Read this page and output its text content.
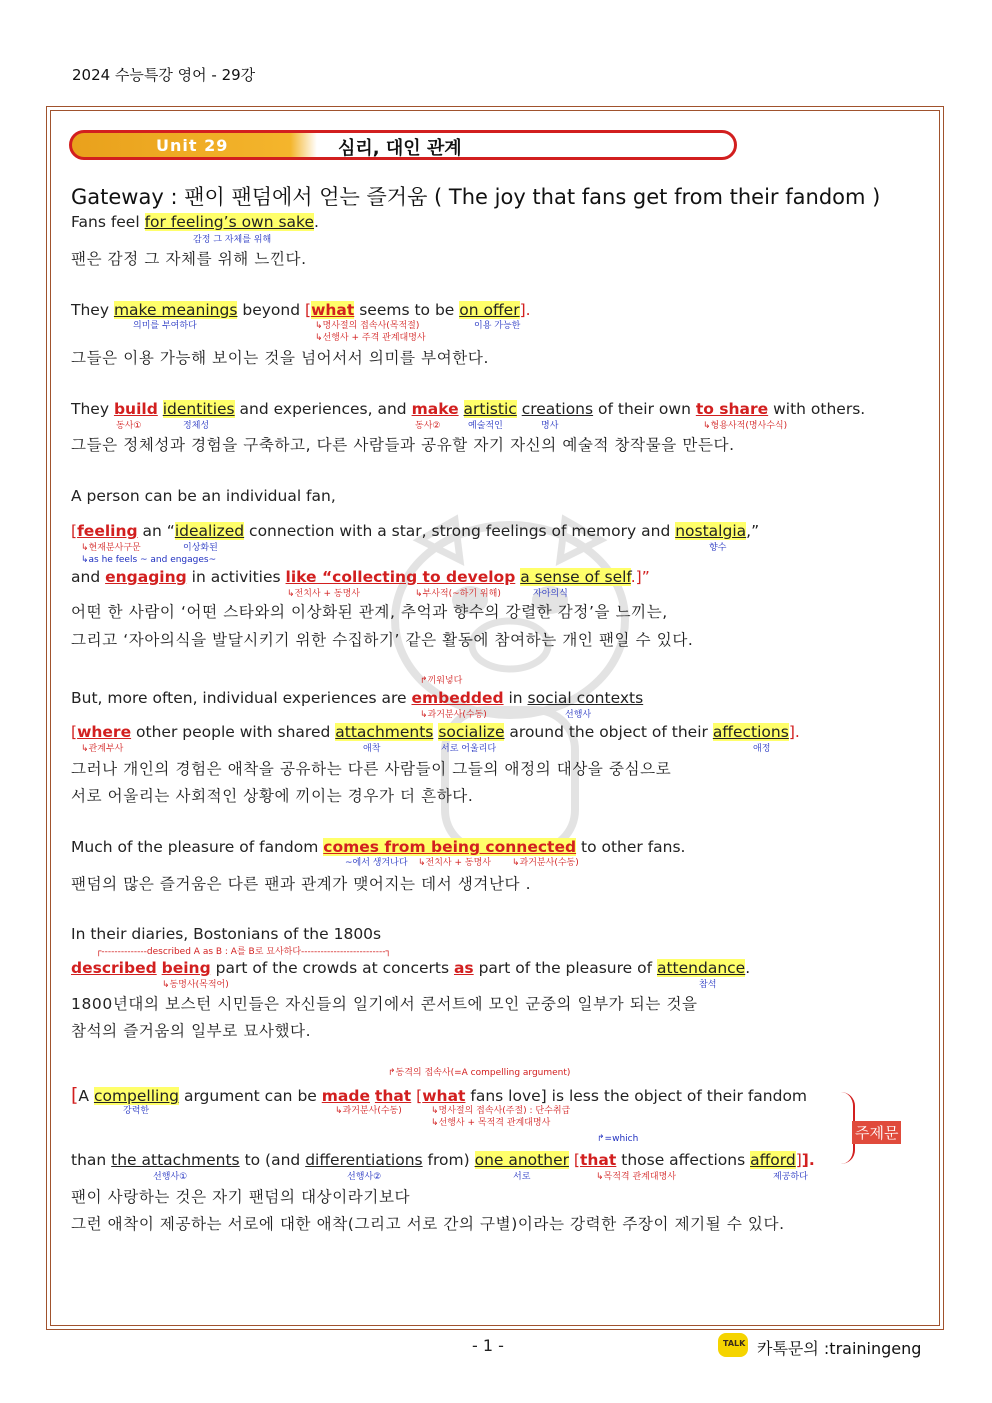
2024 수능특강 영어 - 29강
Unit 29	심리, 대인 관계
Gateway : 팬이 팬덤에서 얻는 즐거움 ( The joy that fans get from their fandom )
Fans feel for feeling’s own sake.
감정 그 자체를 위해
팬은 감정 그 자체를 위해 느낀다.
They make meanings beyond [what seems to be on offer].
의미를 부여하다	↳명사절의 접속사(목적절)	이용 가능한
↳선행사 + 주격 관계대명사
그들은 이용 가능해 보이는 것을 넘어서서 의미를 부여한다.
They build identities and experiences, and make artistic creations of their own to share with others.
동사①	정체성	동사②	예술적인	명사	↳형용사적(명사수식)
그들은 정체성과 경험을 구축하고, 다른 사람들과 공유할 자기 자신의 예술적 창작물을 만든다.
A person can be an individual fan,
[feeling an “idealized connection with a star, strong feelings of memory and nostalgia,”
↳현재분사구문	이상화된	향수
↳as he feels ~ and engages~
and engaging in activities like “collecting to develop a sense of self.]”
↳전치사 + 동명사	↳부사적(~하기 위해)	자아의식
어떤 한 사람이 ‘어떤 스타와의 이상화된 관계, 추억과 향수의 강렬한 감정’을 느끼는,
그리고 ‘자아의식을 발달시키기 위한 수집하기’ 같은 활동에 참여하는 개인 팬일 수 있다.
↱끼워넣다
But, more often, individual experiences are embedded in social contexts
↳과거분사(수동)	선행사
[where other people with shared attachments socialize around the object of their affections].
↳관계부사	애착	서로 어울리다	애정
그러나 개인의 경험은 애착을 공유하는 다른 사람들이 그들의 애정의 대상을 중심으로
서로 어울리는 사회적인 상황에 끼이는 경우가 더 흔하다.
Much of the pleasure of fandom comes from being connected to other fans.
~에서 생겨나다 ↳전치사 + 동명사 ↳과거분사(수동)
팬덤의 많은 즐거움은 다른 팬과 관계가 맺어지는 데서 생겨난다 .
In their diaries, Bostonians of the 1800s
┌--------------described A as B : A를 B로 묘사하다--------------------------┐
described being part of the crowds at concerts as part of the pleasure of attendance.
↳동명사(목적어)	참석
1800년대의 보스턴 시민들은 자신들의 일기에서 콘서트에 모인 군중의 일부가 되는 것을
참석의 즐거움의 일부로 묘사했다.
↱동격의 접속사(=A compelling argument)
[A compelling argument can be made that [what fans love] is less the object of their fandom
강력한	↳과거분사(수동)	↳명사절의 접속사(주절) : 단수취급
↳선행사 + 목적격 관계대명사
↱=which
than the attachments to (and differentiations from) one another [that those affections afford]].
선행사①	선행사②	서로	↳목적격 관계대명사	제공하다
팬이 사랑하는 것은 자기 팬덤의 대상이라기보다
그런 애착이 제공하는 서로에 대한 애착(그리고 서로 간의 구별)이라는 강력한 주장이 제기될 수 있다.
주제문
- 1 -	TALK 카톡문의 :trainingeng
